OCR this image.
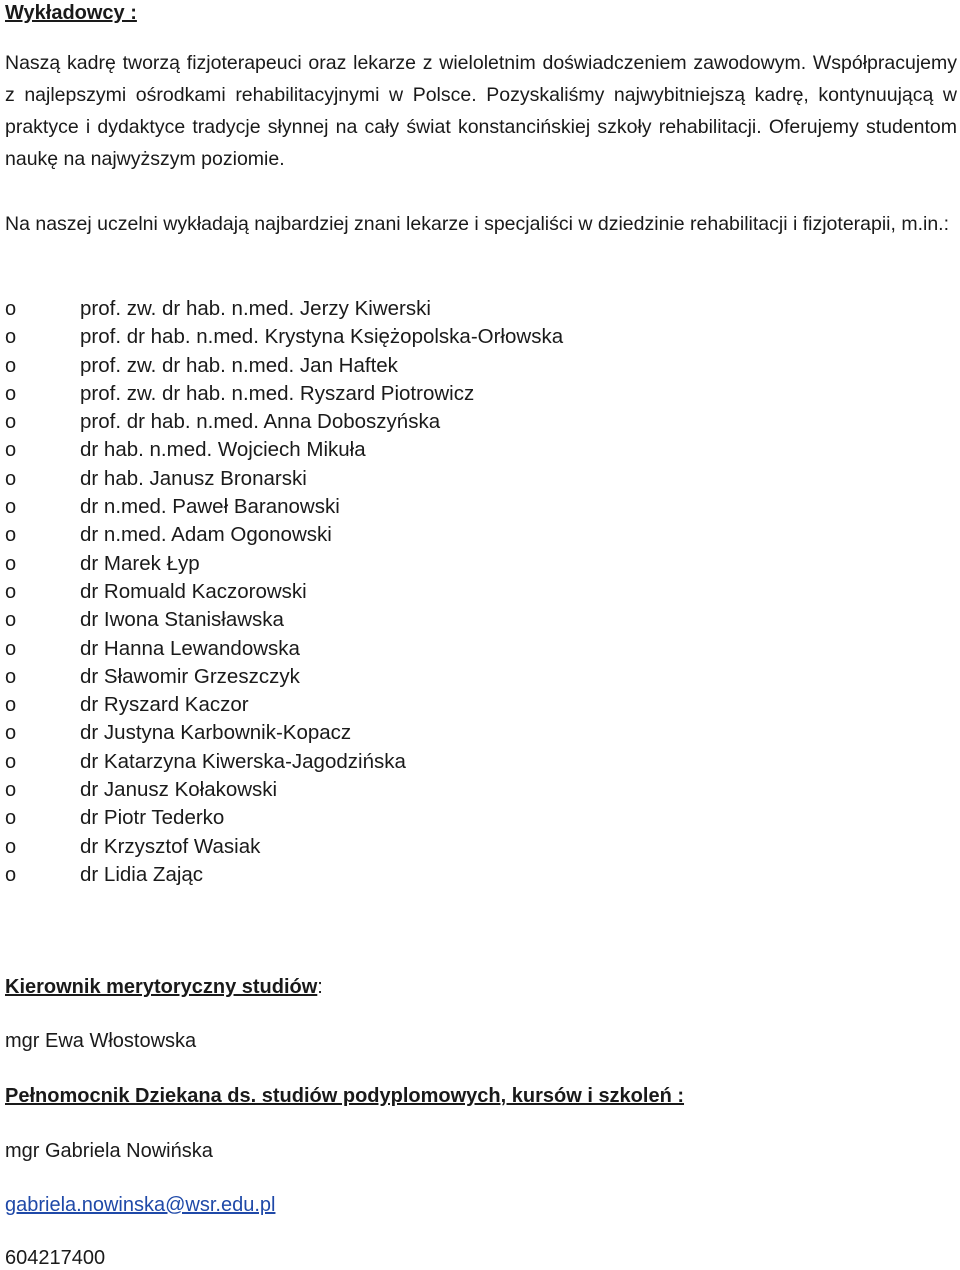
Wykładowcy :

Naszą kadrę tworzą fizjoterapeuci oraz lekarze z wieloletnim doświadczeniem zawodowym. Współpracujemy z najlepszymi ośrodkami rehabilitacyjnymi w Polsce. Pozyskaliśmy najwybitniejszą kadrę, kontynuującą w praktyce i dydaktyce tradycje słynnej na cały świat konstancińskiej szkoły rehabilitacji. Oferujemy studentom naukę na najwyższym poziomie.

Na naszej uczelni wykładają najbardziej znani lekarze i specjaliści w dziedzinie rehabilitacji i fizjoterapii, m.in.:

o	prof. zw. dr hab. n.med. Jerzy Kiwerski
o	prof. dr hab. n.med. Krystyna Księżopolska-Orłowska
o	prof. zw. dr hab. n.med. Jan Haftek
o	prof. zw. dr hab. n.med. Ryszard Piotrowicz
o	prof. dr hab. n.med. Anna Doboszyńska
o	dr hab. n.med. Wojciech Mikuła
o	dr hab. Janusz Bronarski
o	dr n.med. Paweł Baranowski
o	dr n.med. Adam Ogonowski
o	dr Marek Łyp
o	dr Romuald Kaczorowski
o	dr Iwona Stanisławska
o	dr Hanna Lewandowska
o	dr Sławomir Grzeszczyk
o	dr Ryszard Kaczor
o	dr Justyna Karbownik-Kopacz
o	dr Katarzyna Kiwerska-Jagodzińska
o	dr Janusz Kołakowski
o	dr Piotr Tederko
o	dr Krzysztof Wasiak
o	dr Lidia Zając
Kierownik merytoryczny studiów:
mgr Ewa Włostowska
Pełnomocnik Dziekana ds. studiów podyplomowych, kursów i szkoleń :
mgr Gabriela Nowińska
gabriela.nowinska@wsr.edu.pl
604217400
